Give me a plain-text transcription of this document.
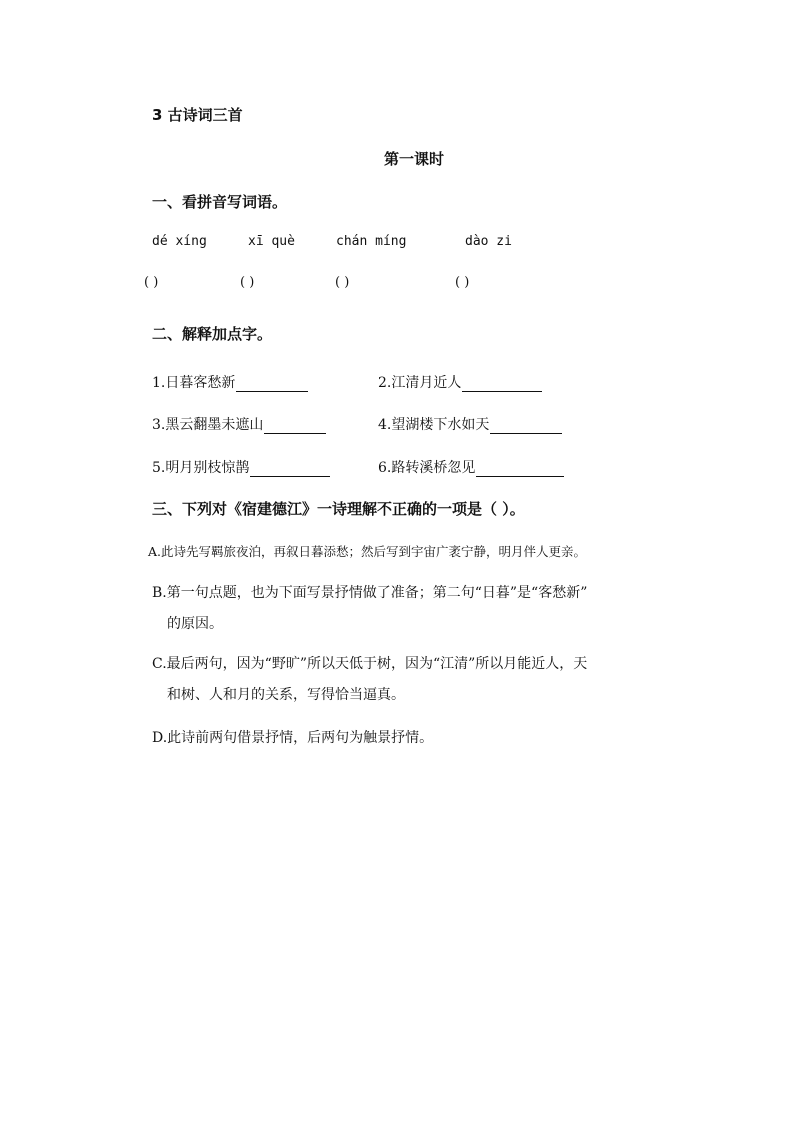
3 古诗词三首
第一课时
一、看拼音写词语。
dé xíng	xī què	chán míng	dào zi
( )	( )	( )	( )
二、解释加点字。
1.日暮客愁新	2.江清月近人
3.黑云翻墨未遮山	4.望湖楼下水如天
5.明月别枝惊鹊	6.路转溪桥忽见
三、下列对《宿建德江》一诗理解不正确的一项是（ ）。
A.此诗先写羁旅夜泊，再叙日暮添愁；然后写到宇宙广袤宁静，明月伴人更亲。
B.第一句点题，也为下面写景抒情做了准备；第二句“日暮”是“客愁新”
的原因。
C.最后两句，因为“野旷”所以天低于树，因为“江清”所以月能近人，天
和树、人和月的关系，写得恰当逼真。
D.此诗前两句借景抒情，后两句为触景抒情。
